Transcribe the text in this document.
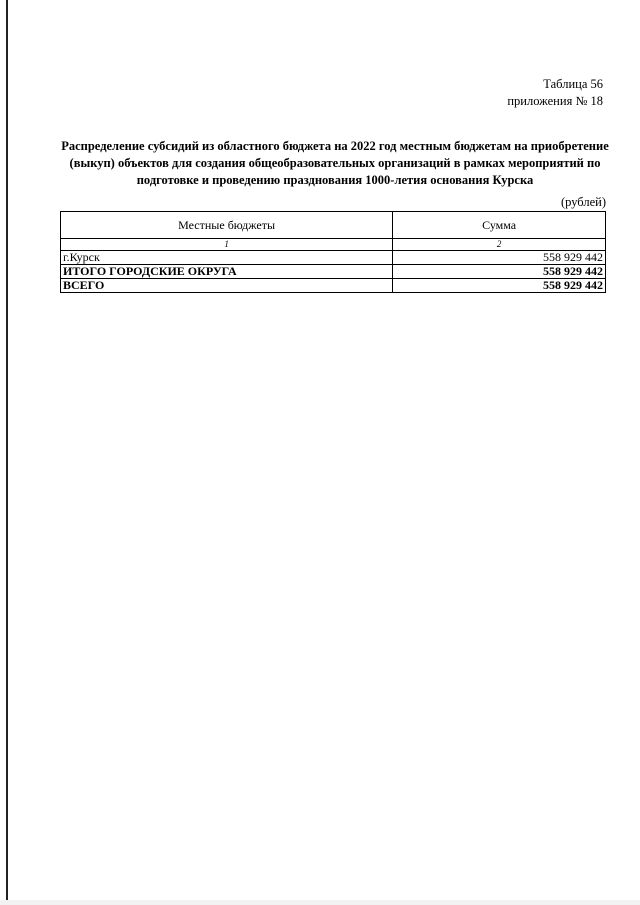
Таблица 56
приложения № 18
Распределение субсидий из областного бюджета на 2022 год местным бюджетам на приобретение
(выкуп) объектов для создания общеобразовательных организаций в рамках мероприятий по
подготовке и проведению празднования 1000-летия основания Курска
(рублей)
Местные бюджеты	Сумма
1	2
г.Курск	558 929 442
ИТОГО ГОРОДСКИЕ ОКРУГА	558 929 442
ВСЕГО	558 929 442
